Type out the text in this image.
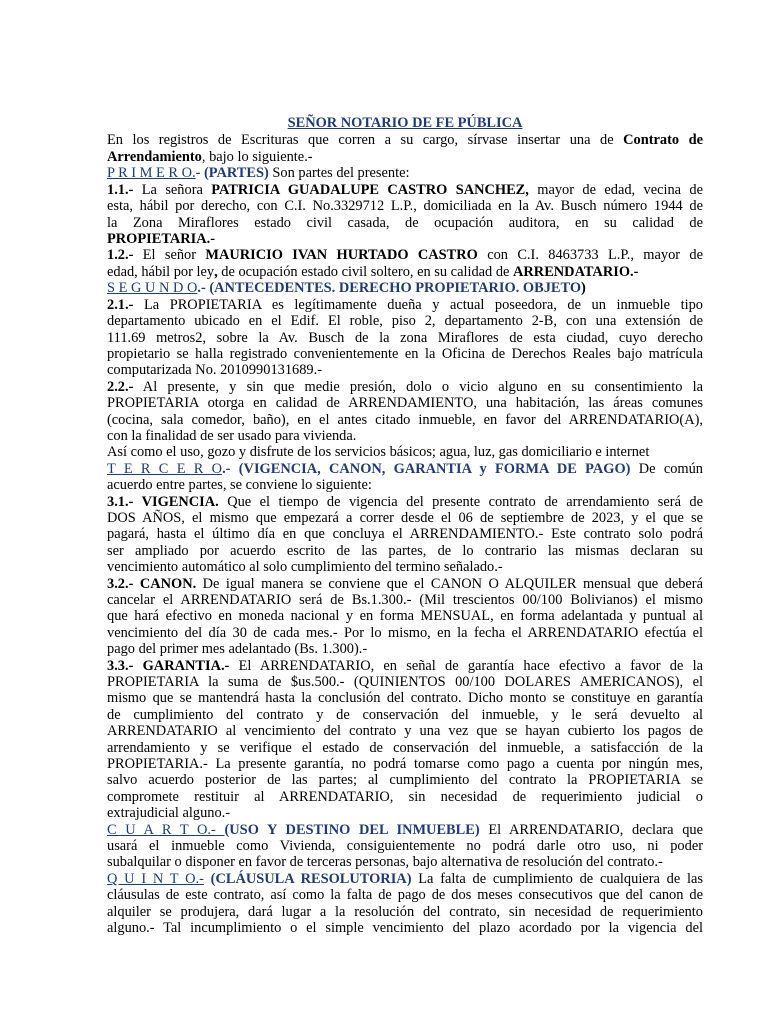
SEÑOR NOTARIO DE FE PÚBLICA
En los registros de Escrituras que corren a su cargo, sírvase insertar una de Contrato de
Arrendamiento, bajo lo siguiente.-
P R I M E R O.- (PARTES) Son partes del presente:
1.1.- La señora PATRICIA GUADALUPE CASTRO SANCHEZ, mayor de edad, vecina de
esta, hábil por derecho, con C.I. No.3329712 L.P., domiciliada en la Av. Busch número 1944 de
la Zona Miraflores estado civil casada, de ocupación auditora, en su calidad de
PROPIETARIA.-
1.2.- El señor MAURICIO IVAN HURTADO CASTRO con C.I. 8463733 L.P., mayor de
edad, hábil por ley, de ocupación estado civil soltero, en su calidad de ARRENDATARIO.-
S E G U N D O.- (ANTECEDENTES. DERECHO PROPIETARIO. OBJETO)
2.1.- La PROPIETARIA es legítimamente dueña y actual poseedora, de un inmueble tipo
departamento ubicado en el Edif. El roble, piso 2, departamento 2-B, con una extensión de
111.69 metros2, sobre la Av. Busch de la zona Miraflores de esta ciudad, cuyo derecho
propietario se halla registrado convenientemente en la Oficina de Derechos Reales bajo matrícula
computarizada No. 2010990131689.-
2.2.- Al presente, y sin que medie presión, dolo o vicio alguno en su consentimiento la
PROPIETARIA otorga en calidad de ARRENDAMIENTO, una habitación, las áreas comunes
(cocina, sala comedor, baño), en el antes citado inmueble, en favor del ARRENDATARIO(A),
con la finalidad de ser usado para vivienda.
Así como el uso, gozo y disfrute de los servicios básicos; agua, luz, gas domiciliario e internet
T E R C E R O.- (VIGENCIA, CANON, GARANTIA y FORMA DE PAGO) De común
acuerdo entre partes, se conviene lo siguiente:
3.1.- VIGENCIA. Que el tiempo de vigencia del presente contrato de arrendamiento será de
DOS AÑOS, el mismo que empezará a correr desde el 06 de septiembre de 2023, y el que se
pagará, hasta el último día en que concluya el ARRENDAMIENTO.- Este contrato solo podrá
ser ampliado por acuerdo escrito de las partes, de lo contrario las mismas declaran su
vencimiento automático al solo cumplimiento del termino señalado.-
3.2.- CANON. De igual manera se conviene que el CANON O ALQUILER mensual que deberá
cancelar el ARRENDATARIO será de Bs.1.300.- (Mil trescientos 00/100 Bolivianos) el mismo
que hará efectivo en moneda nacional y en forma MENSUAL, en forma adelantada y puntual al
vencimiento del día 30 de cada mes.- Por lo mismo, en la fecha el ARRENDATARIO efectúa el
pago del primer mes adelantado (Bs. 1.300).-
3.3.- GARANTIA.- El ARRENDATARIO, en señal de garantía hace efectivo a favor de la
PROPIETARIA la suma de $us.500.- (QUINIENTOS 00/100 DOLARES AMERICANOS), el
mismo que se mantendrá hasta la conclusión del contrato. Dicho monto se constituye en garantía
de cumplimiento del contrato y de conservación del inmueble, y le será devuelto al
ARRENDATARIO al vencimiento del contrato y una vez que se hayan cubierto los pagos de
arrendamiento y se verifique el estado de conservación del inmueble, a satisfacción de la
PROPIETARIA.- La presente garantía, no podrá tomarse como pago a cuenta por ningún mes,
salvo acuerdo posterior de las partes; al cumplimiento del contrato la PROPIETARIA se
compromete restituir al ARRENDATARIO, sin necesidad de requerimiento judicial o
extrajudicial alguno.-
C U A R T O.- (USO Y DESTINO DEL INMUEBLE) El ARRENDATARIO, declara que
usará el inmueble como Vivienda, consiguientemente no podrá darle otro uso, ni poder
subalquilar o disponer en favor de terceras personas, bajo alternativa de resolución del contrato.-
Q U I N T O.- (CLÁUSULA RESOLUTORIA) La falta de cumplimiento de cualquiera de las
cláusulas de este contrato, así como la falta de pago de dos meses consecutivos que del canon de
alquiler se produjera, dará lugar a la resolución del contrato, sin necesidad de requerimiento
alguno.- Tal incumplimiento o el simple vencimiento del plazo acordado por la vigencia del
